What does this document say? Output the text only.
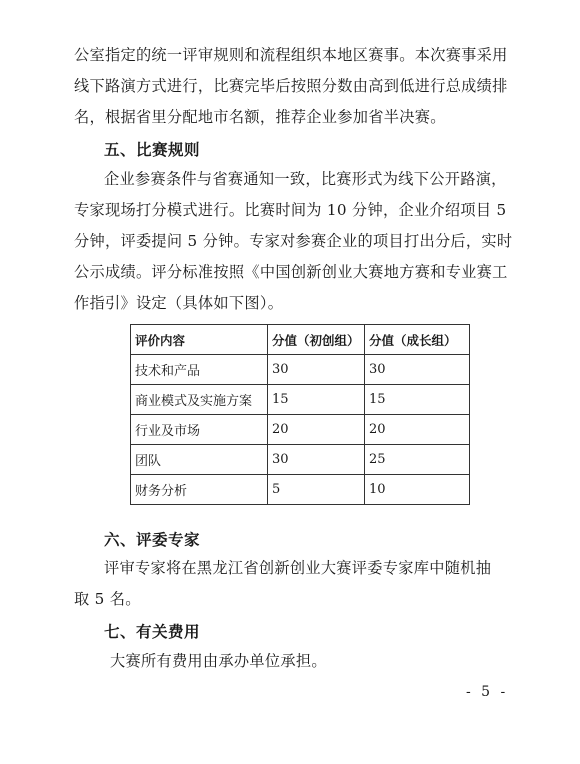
公室指定的统一评审规则和流程组织本地区赛事。本次赛事采用
线下路演方式进行，比赛完毕后按照分数由高到低进行总成绩排
名，根据省里分配地市名额，推荐企业参加省半决赛。
五、比赛规则
企业参赛条件与省赛通知一致，比赛形式为线下公开路演，
专家现场打分模式进行。比赛时间为 10 分钟，企业介绍项目 5
分钟，评委提问 5 分钟。专家对参赛企业的项目打出分后，实时
公示成绩。评分标准按照《中国创新创业大赛地方赛和专业赛工
作指引》设定（具体如下图）。
评价内容	分值（初创组）	分值（成长组）
技术和产品	30	30
商业模式及实施方案	15	15
行业及市场	20	20
团队	30	25
财务分析	5	10
六、评委专家
评审专家将在黑龙江省创新创业大赛评委专家库中随机抽
取 5 名。
七、有关费用
大赛所有费用由承办单位承担。
- 5 -
